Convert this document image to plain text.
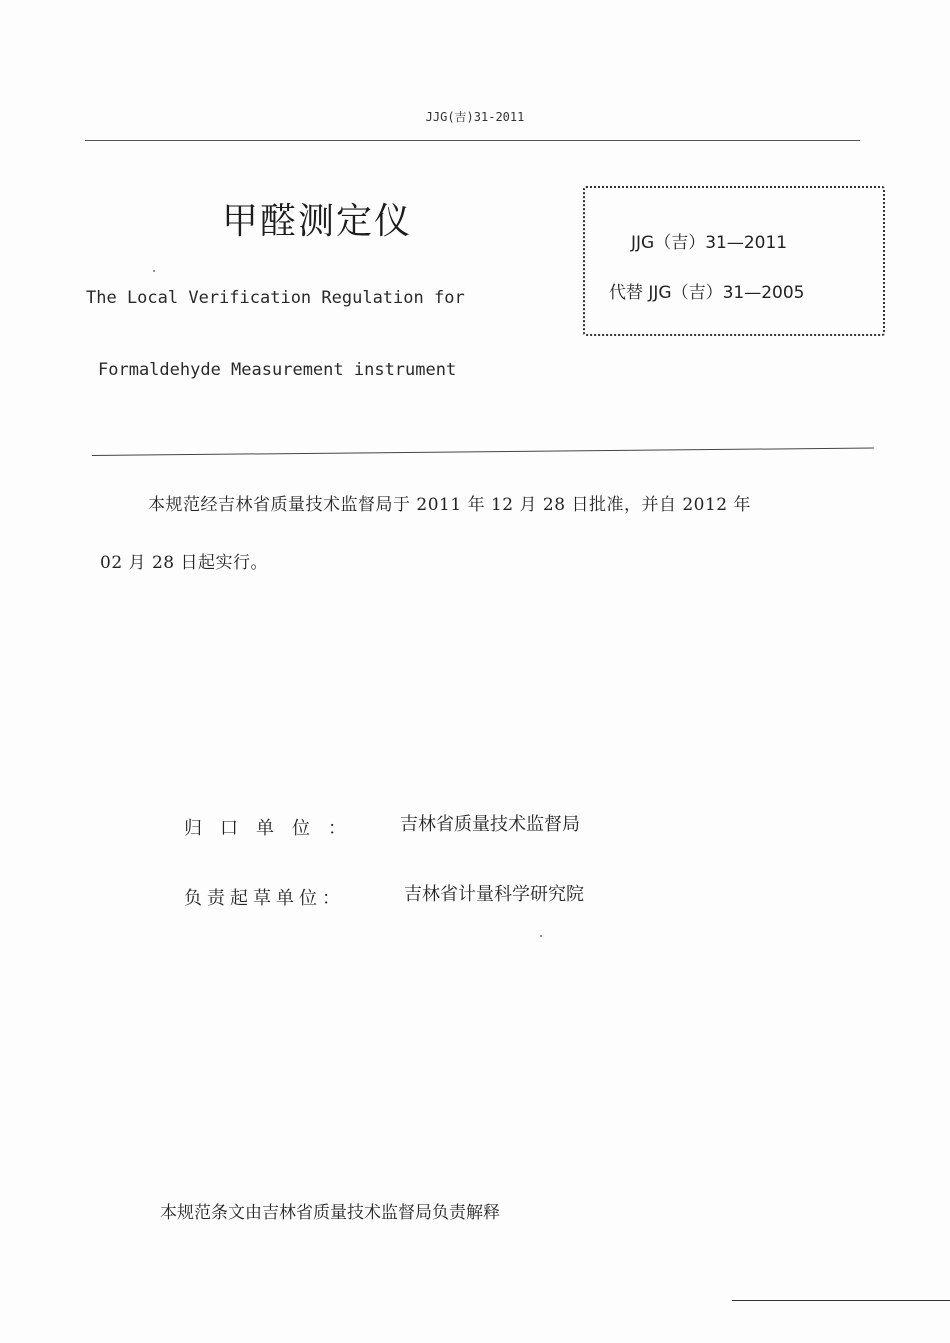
JJG(吉)31-2011
甲醛测定仪
The Local Verification Regulation for
Formaldehyde Measurement instrument
JJG（吉）31—2011
代替 JJG（吉）31—2005
本规范经吉林省质量技术监督局于 2011 年 12 月 28 日批准，并自 2012 年
02 月 28 日起实行。
归　口　单　位　：	吉林省质量技术监督局
负责起草单位：	吉林省计量科学研究院
本规范条文由吉林省质量技术监督局负责解释
